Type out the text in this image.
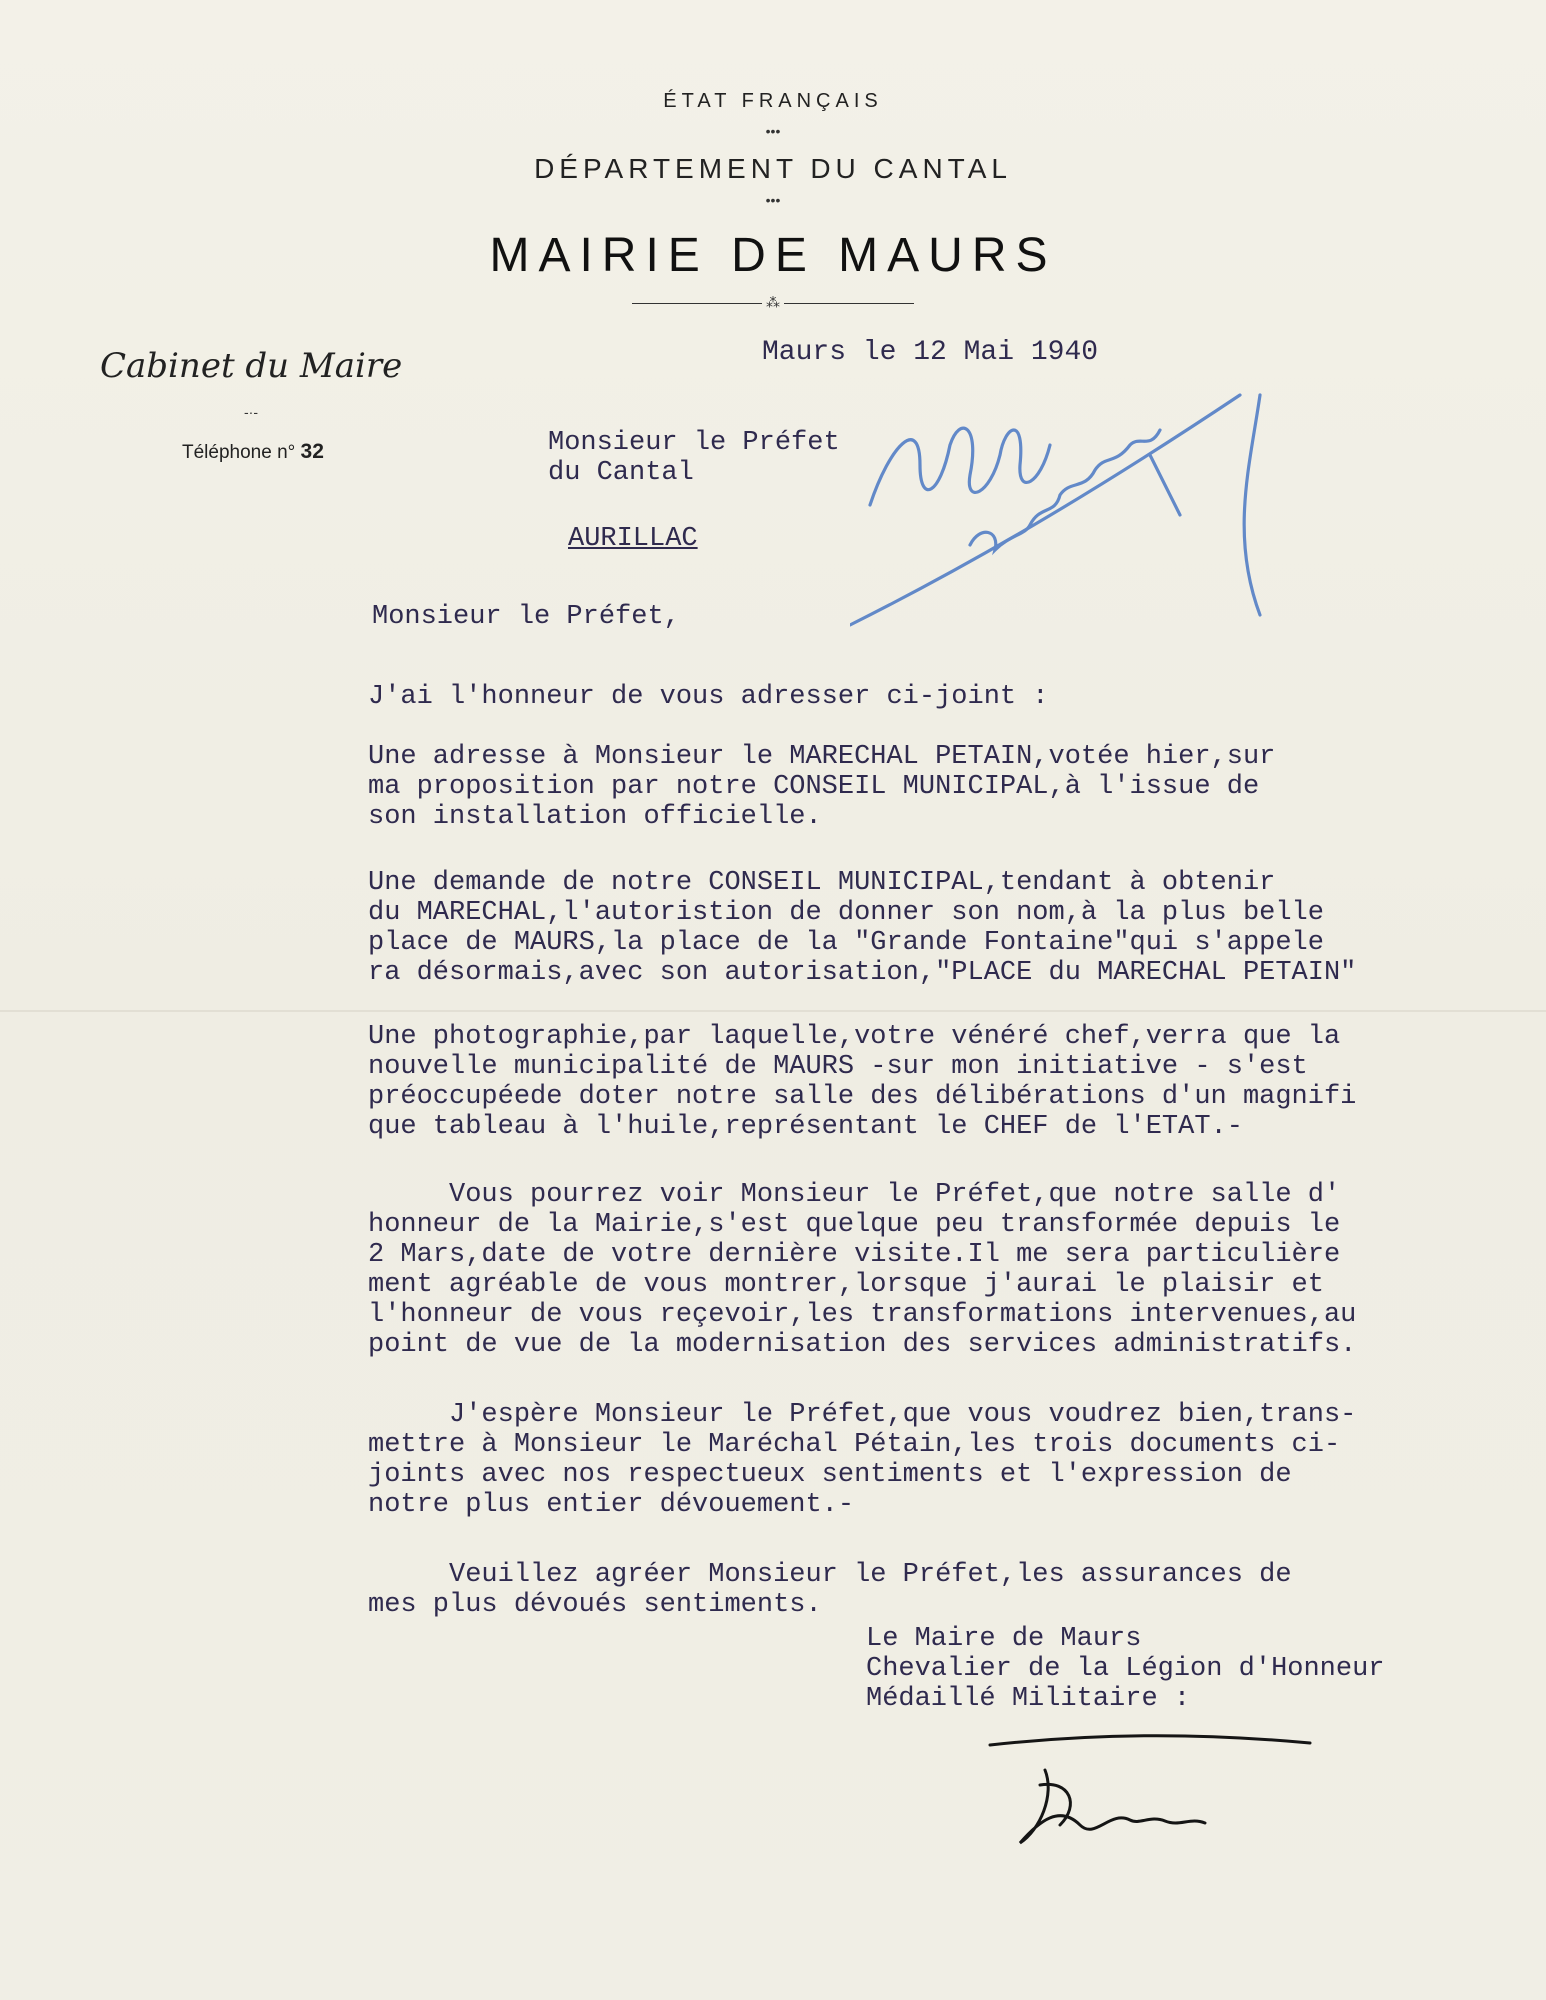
ÉTAT FRANÇAIS
•••
DÉPARTEMENT DU CANTAL
•••
MAIRIE DE MAURS
⁂
Cabinet du Maire
-·-
Téléphone n° 32
Maurs le 12 Mai 1940
Monsieur le Préfet
du Cantal
AURILLAC
Monsieur le Préfet,
J'ai l'honneur de vous adresser ci-joint :
Une adresse à Monsieur le MARECHAL PETAIN,votée hier,sur
ma proposition par notre CONSEIL MUNICIPAL,à l'issue de
son installation officielle.
Une demande de notre CONSEIL MUNICIPAL,tendant à obtenir
du MARECHAL,l'autoristion de donner son nom,à la plus belle
place de MAURS,la place de la "Grande Fontaine"qui s'appele
ra désormais,avec son autorisation,"PLACE du MARECHAL PETAIN"
Une photographie,par laquelle,votre vénéré chef,verra que la
nouvelle municipalité de MAURS -sur mon initiative - s'est
préoccupéede doter notre salle des délibérations d'un magnifi
que tableau à l'huile,représentant le CHEF de l'ETAT.-
Vous pourrez voir Monsieur le Préfet,que notre salle d'
honneur de la Mairie,s'est quelque peu transformée depuis le
2 Mars,date de votre dernière visite.Il me sera particulière
ment agréable de vous montrer,lorsque j'aurai le plaisir et
l'honneur de vous reçevoir,les transformations intervenues,au
point de vue de la modernisation des services administratifs.
J'espère Monsieur le Préfet,que vous voudrez bien,trans-
mettre à Monsieur le Maréchal Pétain,les trois documents ci-
joints avec nos respectueux sentiments et l'expression de
notre plus entier dévouement.-
Veuillez agréer Monsieur le Préfet,les assurances de
mes plus dévoués sentiments.
Le Maire de Maurs
Chevalier de la Légion d'Honneur
Médaillé Militaire :
